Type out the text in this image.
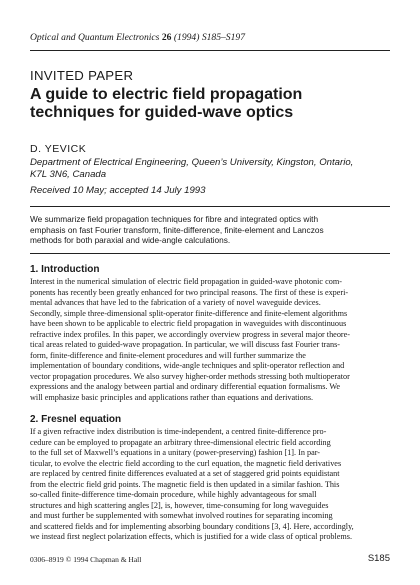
Optical and Quantum Electronics 26 (1994) S185–S197
INVITED PAPER
A guide to electric field propagation
techniques for guided-wave optics
D. YEVICK
Department of Electrical Engineering, Queen’s University, Kingston, Ontario,
K7L 3N6, Canada
Received 10 May; accepted 14 July 1993
We summarize field propagation techniques for fibre and integrated optics with
emphasis on fast Fourier transform, finite-difference, finite-element and Lanczos
methods for both paraxial and wide-angle calculations.
1. Introduction
Interest in the numerical simulation of electric field propagation in guided-wave photonic com-
ponents has recently been greatly enhanced for two principal reasons. The first of these is experi-
mental advances that have led to the fabrication of a variety of novel waveguide devices.
Secondly, simple three-dimensional split-operator finite-difference and finite-element algorithms
have been shown to be applicable to electric field propagation in waveguides with discontinuous
refractive index profiles. In this paper, we accordingly overview progress in several major theore-
tical areas related to guided-wave propagation. In particular, we will discuss fast Fourier trans-
form, finite-difference and finite-element procedures and will further summarize the
implementation of boundary conditions, wide-angle techniques and split-operator reflection and
vector propagation procedures. We also survey higher-order methods stressing both multioperator
expressions and the analogy between partial and ordinary differential equation formalisms. We
will emphasize basic principles and applications rather than equations and derivations.
2. Fresnel equation
If a given refractive index distribution is time-independent, a centred finite-difference pro-
cedure can be employed to propagate an arbitrary three-dimensional electric field according
to the full set of Maxwell’s equations in a unitary (power-preserving) fashion [1]. In par-
ticular, to evolve the electric field according to the curl equation, the magnetic field derivatives
are replaced by centred finite differences evaluated at a set of staggered grid points equidistant
from the electric field grid points. The magnetic field is then updated in a similar fashion. This
so-called finite-difference time-domain procedure, while highly advantageous for small
structures and high scattering angles [2], is, however, time-consuming for long waveguides
and must further be supplemented with somewhat involved routines for separating incoming
and scattered fields and for implementing absorbing boundary conditions [3, 4]. Here, accordingly,
we instead first neglect polarization effects, which is justified for a wide class of optical problems.
0306–8919 © 1994 Chapman & Hall	S185
